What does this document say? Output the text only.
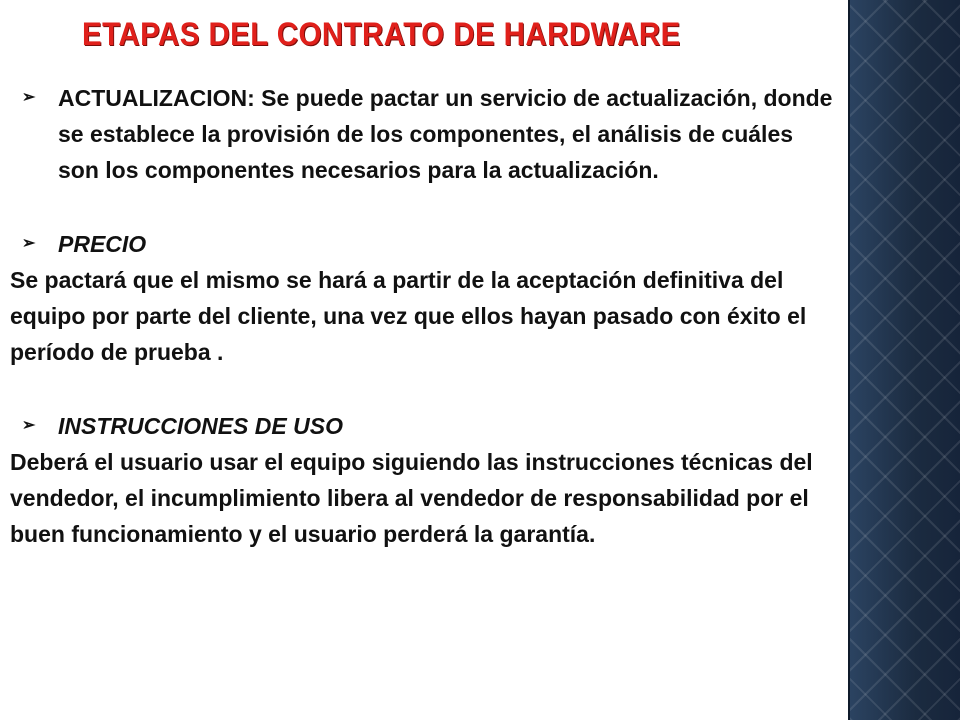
ETAPAS DEL CONTRATO DE HARDWARE
➢ ACTUALIZACION: Se puede pactar un servicio de actualización, donde se establece la provisión de los componentes, el análisis de cuáles son los componentes necesarios para la actualización.
➢ PRECIO

Se pactará que el mismo se hará a partir de la aceptación definitiva del equipo por parte del cliente, una vez que ellos hayan pasado con éxito el período de prueba .

➢ INSTRUCCIONES DE USO

Deberá el usuario usar el equipo siguiendo las instrucciones técnicas del vendedor, el incumplimiento libera al vendedor de responsabilidad por el buen funcionamiento y el usuario perderá la garantía.
